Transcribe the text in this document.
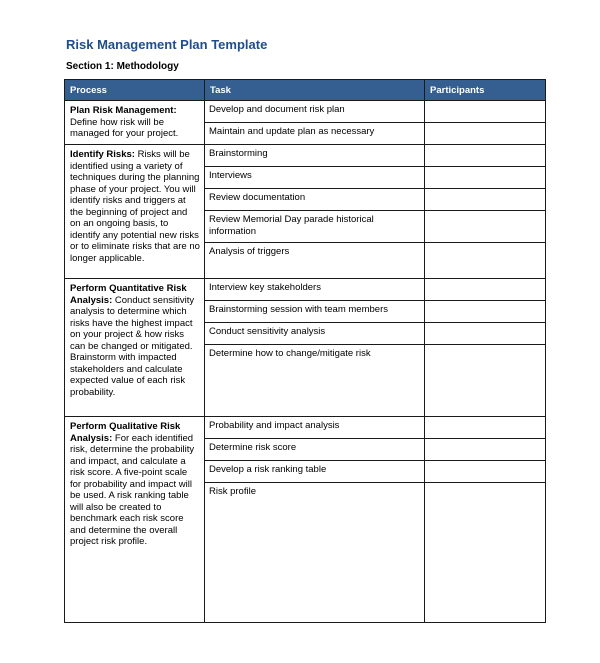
Risk Management Plan Template
Section 1: Methodology
Process	Task	Participants
Plan Risk Management: Define how risk will be managed for your project.	Develop and document risk plan	
	Maintain and update plan as necessary	
Identify Risks: Risks will be identified using a variety of techniques during the planning phase of your project. You will identify risks and triggers at the beginning of project and on an ongoing basis, to identify any potential new risks or to eliminate risks that are no longer applicable.	Brainstorming	
	Interviews	
	Review documentation	
	Review Memorial Day parade historical information	
	Analysis of triggers	
Perform Quantitative Risk Analysis: Conduct sensitivity analysis to determine which risks have the highest impact on your project & how risks can be changed or mitigated. Brainstorm with impacted stakeholders and calculate expected value of each risk probability.	Interview key stakeholders	
	Brainstorming session with team members	
	Conduct sensitivity analysis	
	Determine how to change/mitigate risk	
Perform Qualitative Risk Analysis: For each identified risk, determine the probability and impact, and calculate a risk score. A five-point scale for probability and impact will be used. A risk ranking table will also be created to benchmark each risk score and determine the overall project risk profile.	Probability and impact analysis	
	Determine risk score	
	Develop a risk ranking table	
	Risk profile	
